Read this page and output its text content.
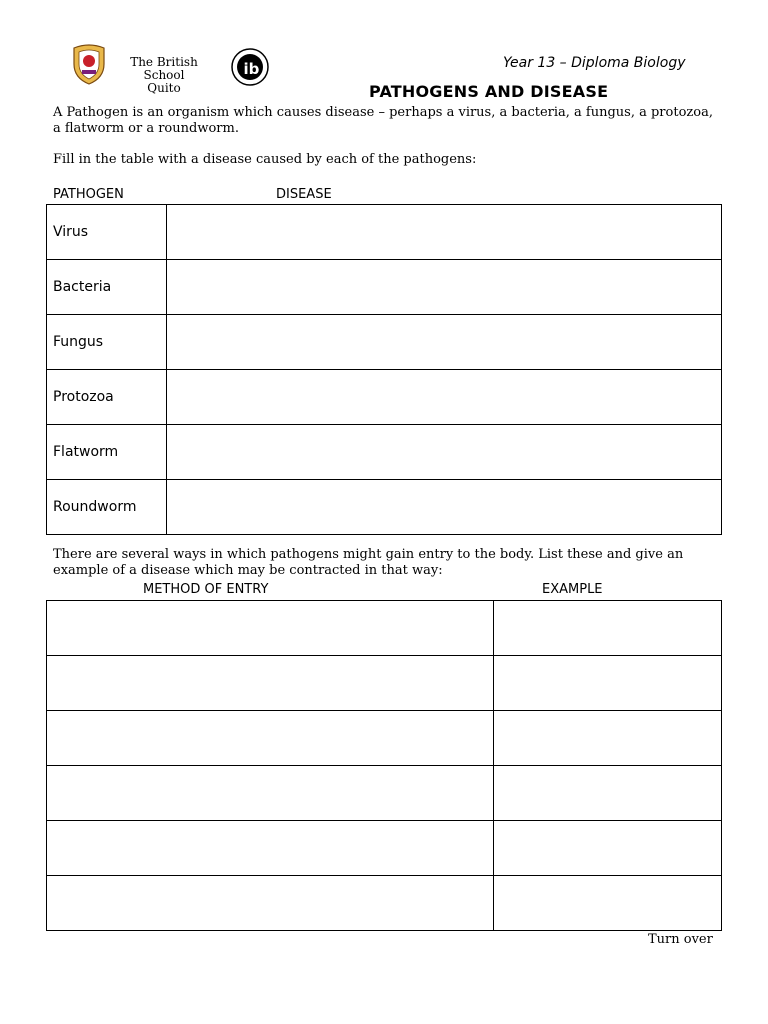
The British School
Quito
ib	Year 13 – Diploma Biology
PATHOGENS AND DISEASE
A Pathogen is an organism which causes disease – perhaps a virus, a bacteria, a fungus, a protozoa, a flatworm or a roundworm.
Fill in the table with a disease caused by each of the pathogens:
PATHOGEN	DISEASE
Virus	
Bacteria	
Fungus	
Protozoa	
Flatworm	
Roundworm	
There are several ways in which pathogens might gain entry to the body. List these and give an example of a disease which may be contracted in that way:
METHOD OF ENTRY	EXAMPLE

Turn over
